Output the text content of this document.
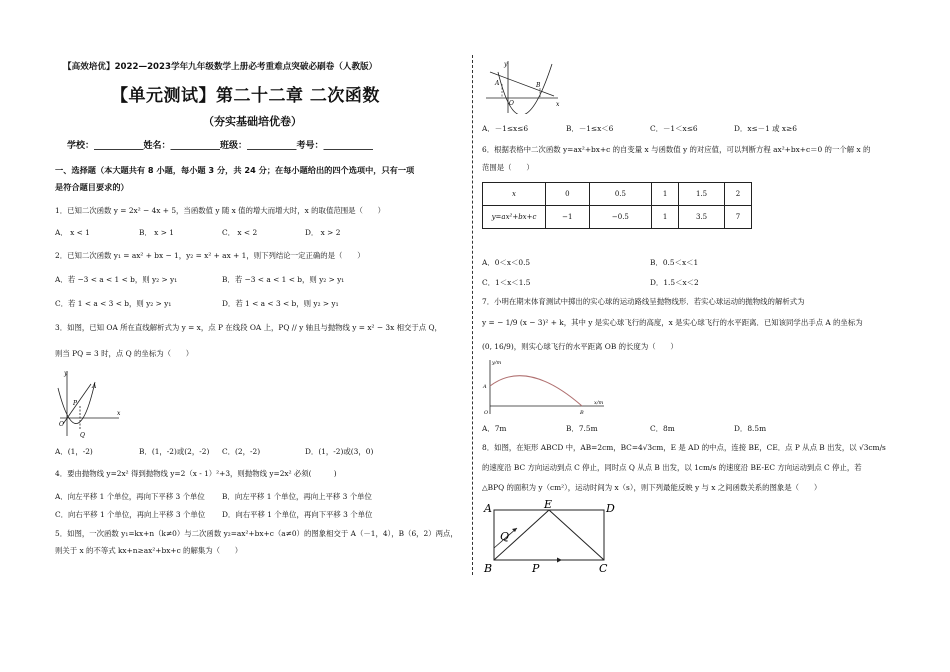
【高效培优】2022—2023学年九年级数学上册必考重难点突破必刷卷（人教版）
【单元测试】第二十二章 二次函数
（夯实基础培优卷）
学校：___________姓名：___________班级：___________考号：___________
一、选择题（本大题共有 8 小题，每小题 3 分，共 24 分；在每小题给出的四个选项中，只有一项
是符合题目要求的）
1．已知二次函数 y = 2x² − 4x + 5，当函数值 y 随 x 值的增大而增大时，x 的取值范围是（　　）
A． x < 1	B． x > 1	C． x < 2	D． x > 2
2．已知二次函数 y₁ = ax² + bx − 1，y₂ = x² + ax + 1，则下列结论一定正确的是（　　）
A．若 −3 < a < 1 < b，则 y₂ > y₁	B．若 −3 < a < 1 < b，则 y₂ > y₁
C．若 1 < a < 3 < b，则 y₂ > y₁	D．若 1 < a < 3 < b，则 y₂ > y₁
3．如图，已知 OA 所在直线解析式为 y = x，点 P 在线段 OA 上，PQ // y 轴且与抛物线 y = x² − 3x 相交于点 Q，
则当 PQ = 3 时，点 Q 的坐标为（　　）
y
x
O
A
P
Q
A．(1，-2)	B．(1，-2)或(2，-2) C．(2，-2)	D．(1，-2)或(3，0)
4．要由抛物线 y=2x² 得到抛物线 y=2（x - 1）²+3，则抛物线 y=2x² 必须(　　　)
A．向左平移 1 个单位，再向下平移 3 个单位 B．向左平移 1 个单位，再向上平移 3 个单位
C．向右平移 1 个单位，再向上平移 3 个单位 D．向右平移 1 个单位，再向下平移 3 个单位
5．如图，一次函数 y₁=kx+n（k≠0）与二次函数 y₂=ax²+bx+c（a≠0）的图象相交于 A（－1，4），B（6，2）两点，
则关于 x 的不等式 kx+n≥ax²+bx+c 的解集为（　　）
y
x
O
A	B
A．－1≤x≤6	B．－1≤x＜6	C．－1＜x≤6	D．x≤－1 或 x≥6
6．根据表格中二次函数 y=ax²+bx+c 的自变量 x 与函数值 y 的对应值，可以判断方程 ax²+bx+c＝0 的一个解 x 的
范围是（　　）
x	0	0.5	1	1.5	2
y=ax²+bx+c	−1	−0.5	1	3.5	7
A．0＜x＜0.5	B．0.5＜x＜1
C．1＜x＜1.5	D．1.5＜x＜2
7．小明在期末体育测试中掷出的实心球的运动路线呈抛物线形．若实心球运动的抛物线的解析式为
y = − 1/9 (x − 3)² + k，其中 y 是实心球飞行的高度，x 是实心球飞行的水平距离．已知该同学出手点 A 的坐标为
(0, 16/9)，则实心球飞行的水平距离 OB 的长度为（　　）
y/m
x/m
O
A
B
A．7m	B．7.5m	C．8m	D．8.5m
8．如图，在矩形 ABCD 中，AB=2cm，BC=4√3cm，E 是 AD 的中点，连接 BE，CE．点 P 从点 B 出发，以 √3cm/s
的速度沿 BC 方向运动到点 C 停止，同时点 Q 从点 B 出发，以 1cm/s 的速度沿 BE-EC 方向运动到点 C 停止，若
△BPQ 的面积为 y（cm²），运动时间为 x（s），则下列最能反映 y 与 x 之间函数关系的图象是（　　）
A	E	D
B	P	C
Q
